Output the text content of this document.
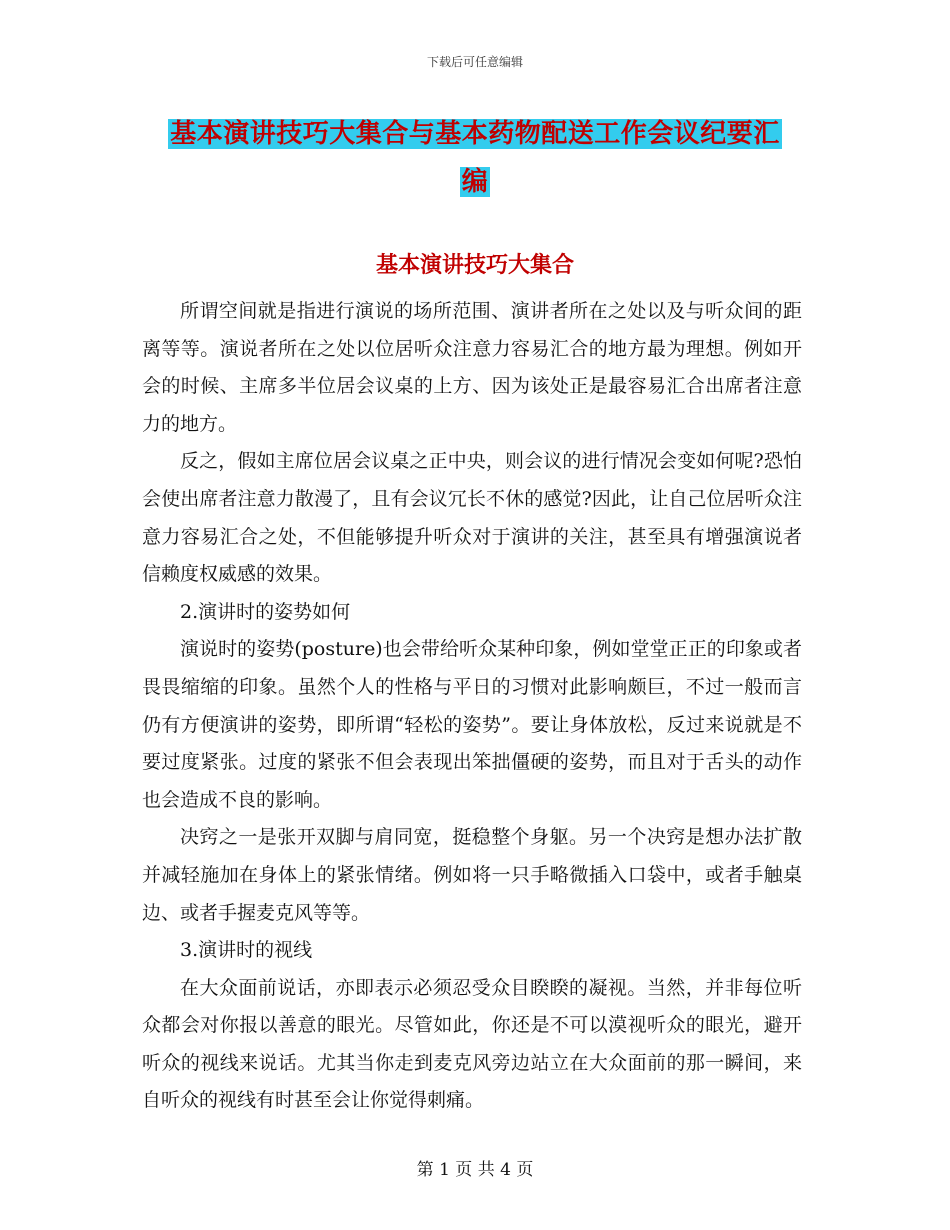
下载后可任意编辑
基本演讲技巧大集合与基本药物配送工作会议纪要汇
编
基本演讲技巧大集合

所谓空间就是指进行演说的场所范围、演讲者所在之处以及与听众间的距离等等。演说者所在之处以位居听众注意力容易汇合的地方最为理想。例如开会的时候、主席多半位居会议桌的上方、因为该处正是最容易汇合出席者注意力的地方。

反之，假如主席位居会议桌之正中央，则会议的进行情况会变如何呢?恐怕会使出席者注意力散漫了，且有会议冗长不休的感觉?因此，让自己位居听众注意力容易汇合之处，不但能够提升听众对于演讲的关注，甚至具有增强演说者信赖度权威感的效果。

2.演讲时的姿势如何

演说时的姿势(posture)也会带给听众某种印象，例如堂堂正正的印象或者畏畏缩缩的印象。虽然个人的性格与平日的习惯对此影响颇巨，不过一般而言仍有方便演讲的姿势，即所谓“轻松的姿势”。要让身体放松，反过来说就是不要过度紧张。过度的紧张不但会表现出笨拙僵硬的姿势，而且对于舌头的动作也会造成不良的影响。

决窍之一是张开双脚与肩同宽，挺稳整个身躯。另一个决窍是想办法扩散并减轻施加在身体上的紧张情绪。例如将一只手略微插入口袋中，或者手触桌边、或者手握麦克风等等。

3.演讲时的视线

在大众面前说话，亦即表示必须忍受众目睽睽的凝视。当然，并非每位听众都会对你报以善意的眼光。尽管如此，你还是不可以漠视听众的眼光，避开听众的视线来说话。尤其当你走到麦克风旁边站立在大众面前的那一瞬间，来自听众的视线有时甚至会让你觉得刺痛。

第 1 页 共 4 页
